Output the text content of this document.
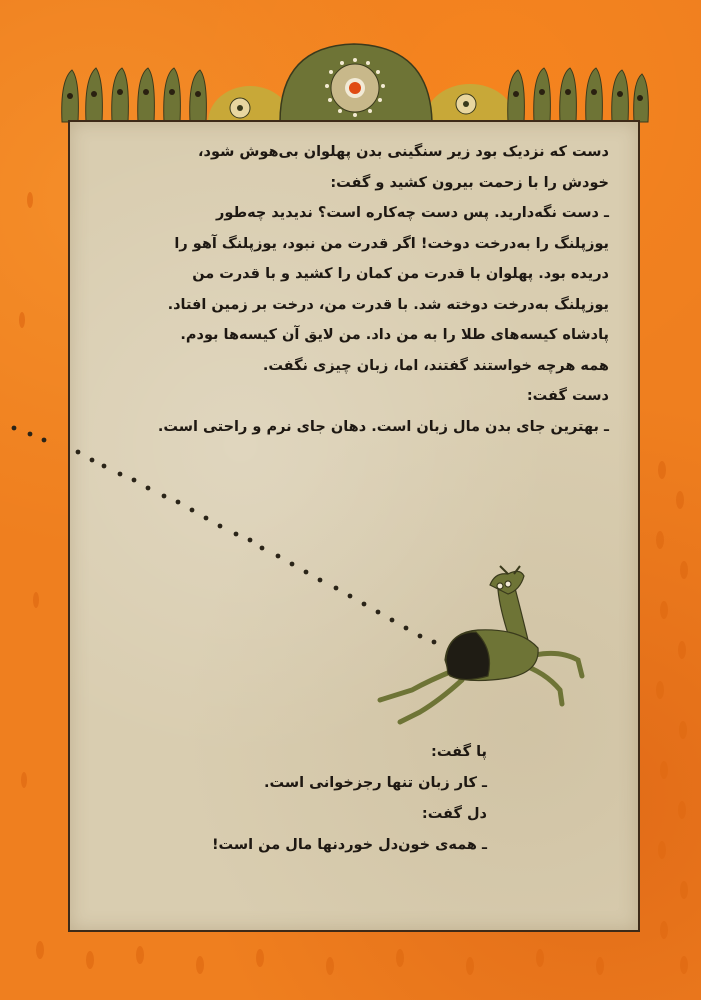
دست که نزدیک بود زیر سنگینی بدن پهلوان بی‌هوش شود،
خودش را با زحمت بیرون کشید و گفت:
ـ دست نگه‌دارید. پس دست چه‌کاره است؟ ندیدید چه‌طور
یوزپلنگ را به‌درخت دوخت! اگر قدرت من نبود، یوزپلنگ آهو را
دریده بود. پهلوان با قدرت من کمان را کشید و با قدرت من
یوزپلنگ به‌درخت دوخته شد. با قدرت من، درخت بر زمین افتاد.
پادشاه کیسه‌های طلا را به من داد. من لایق آن کیسه‌ها بودم.
همه هرچه خواستند گفتند، اما، زبان چیزی نگفت.
دست گفت:
ـ بهترین جای بدن مال زبان است. دهان جای نرم و راحتی است.
پا گفت:
ـ کار زبان تنها رجزخوانی است.
دل گفت:
ـ همه‌ی خون‌دل خوردنها مال من است!
